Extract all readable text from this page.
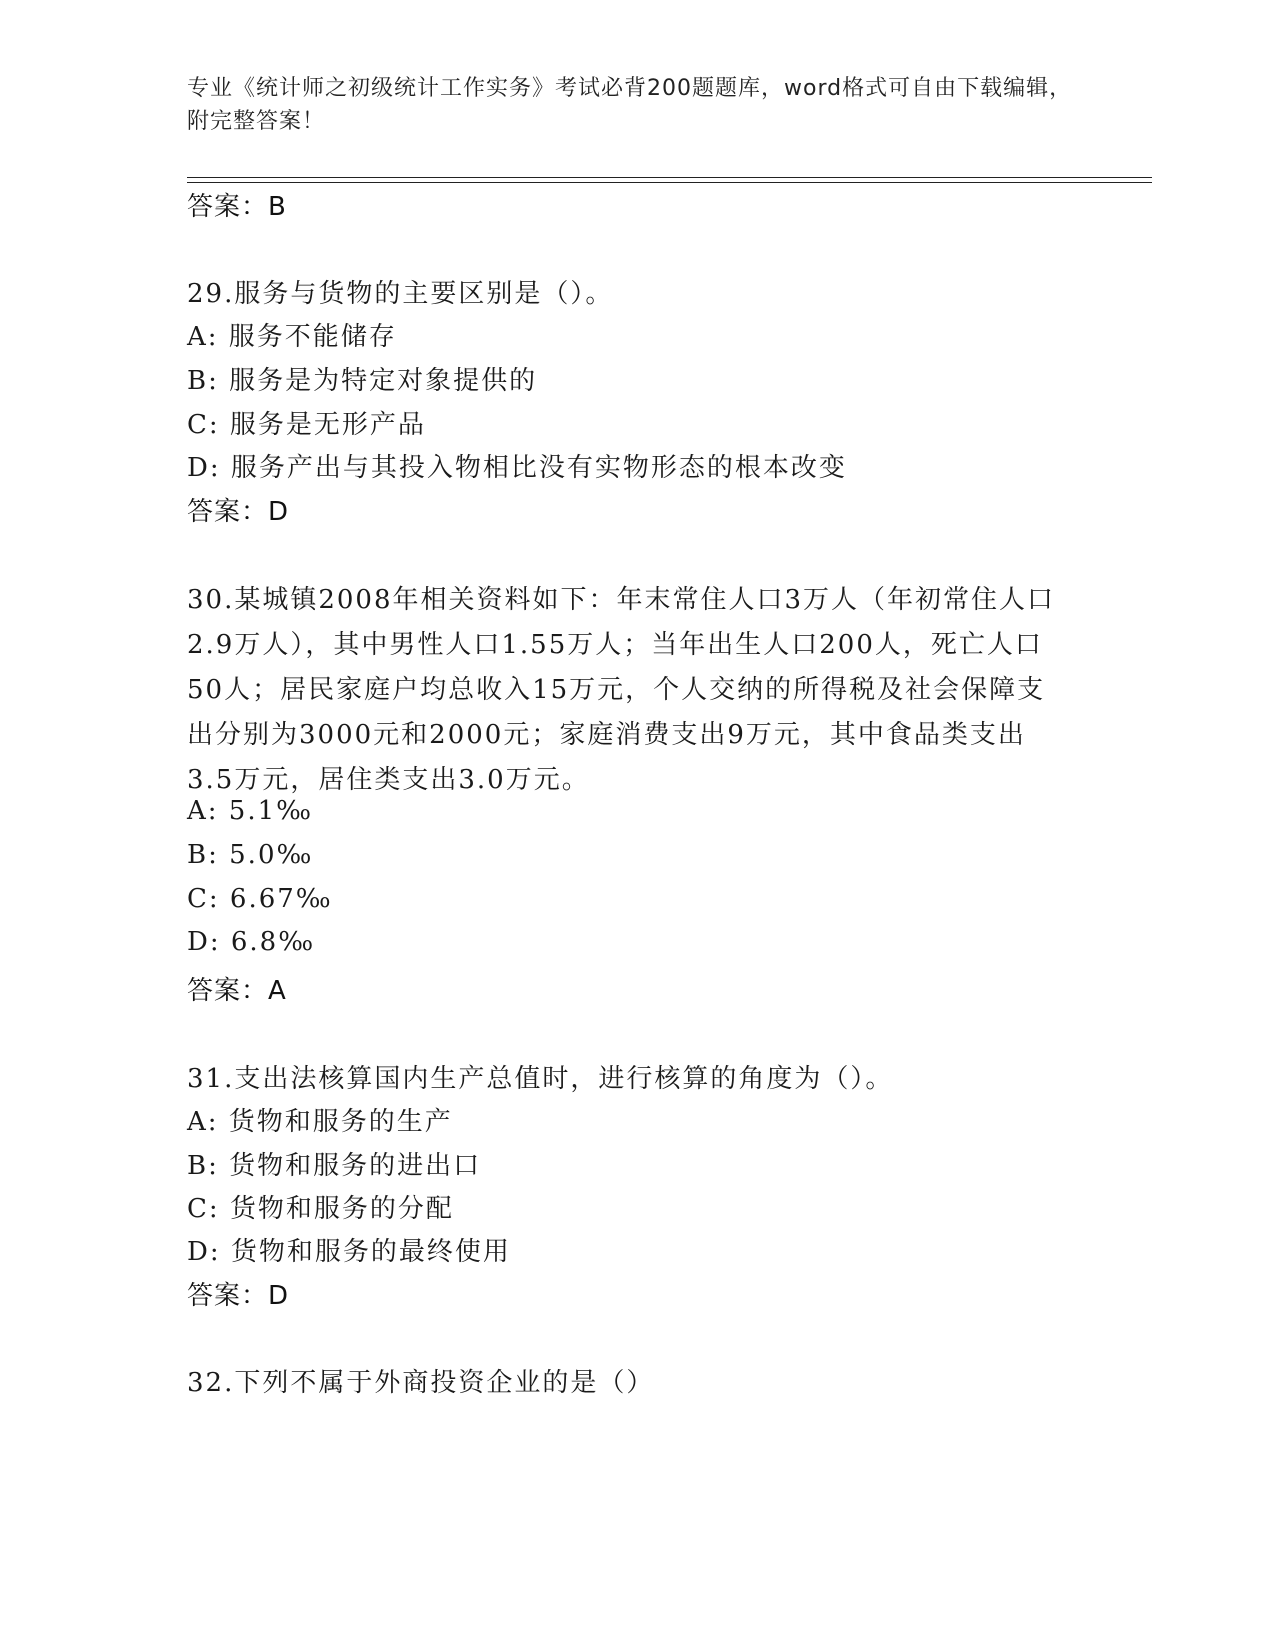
专业《统计师之初级统计工作实务》考试必背200题题库，word格式可自由下载编辑，附完整答案！
答案：B
29.服务与货物的主要区别是（）。
A: 服务不能储存
B: 服务是为特定对象提供的
C: 服务是无形产品
D: 服务产出与其投入物相比没有实物形态的根本改变
答案：D
30.某城镇2008年相关资料如下：年末常住人口3万人（年初常住人口2.9万人），其中男性人口1.55万人；当年出生人口200人，死亡人口50人；居民家庭户均总收入15万元，个人交纳的所得税及社会保障支出分别为3000元和2000元；家庭消费支出9万元，其中食品类支出3.5万元，居住类支出3.0万元。
A: 5.1‰
B: 5.0‰
C: 6.67‰
D: 6.8‰
答案：A
31.支出法核算国内生产总值时，进行核算的角度为（）。
A: 货物和服务的生产
B: 货物和服务的进出口
C: 货物和服务的分配
D: 货物和服务的最终使用
答案：D
32.下列不属于外商投资企业的是（）
